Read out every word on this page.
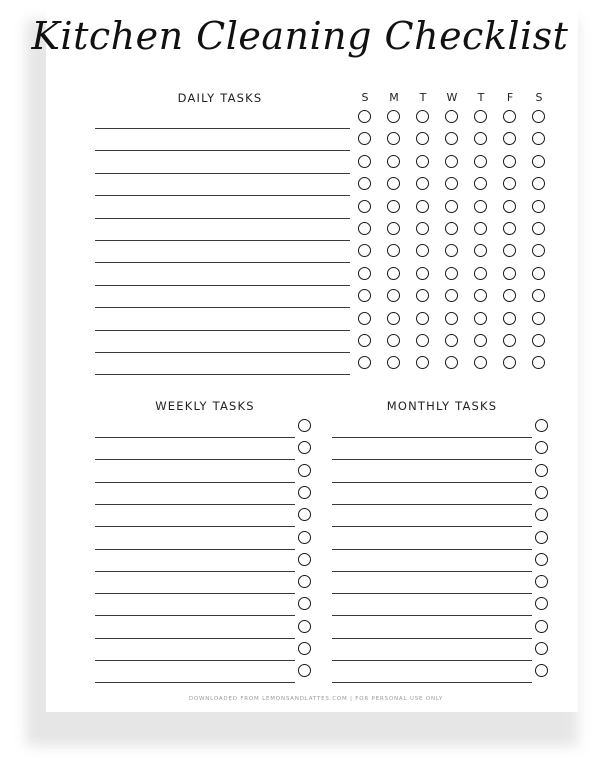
Kitchen Cleaning Checklist
DAILY TASKS	S	M	T	W	T	F	S
WEEKLY TASKS	MONTHLY TASKS
DOWNLOADED FROM LEMONSANDLATTES.COM | FOR PERSONAL USE ONLY
